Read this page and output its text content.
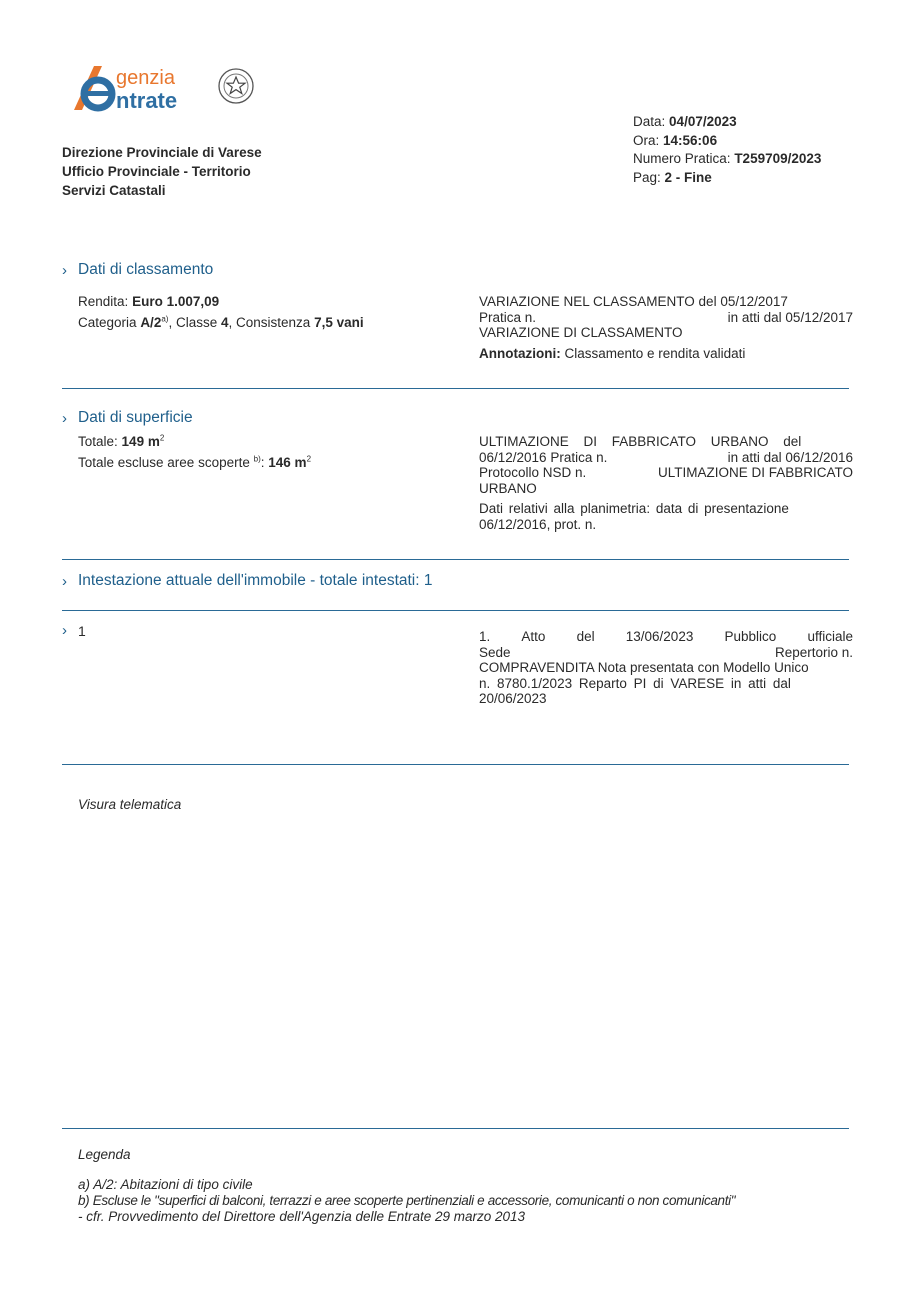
genzia
ntrate
Direzione Provinciale di Varese
Ufficio Provinciale - Territorio
Servizi Catastali
Data: 04/07/2023
Ora: 14:56:06
Numero Pratica: T259709/2023
Pag: 2 - Fine
› Dati di classamento
Rendita: Euro 1.007,09
Categoria A/2$^{a)}$, Classe 4, Consistenza 7,5 vani
VARIAZIONE NEL CLASSAMENTO del 05/12/2017
Pratica n.	in atti dal 05/12/2017
VARIAZIONE DI CLASSAMENTO
Annotazioni: Classamento e rendita validati
› Dati di superficie
Totale: 149 $m^2$
Totale escluse aree scoperte $^{b)}$: 146 $m^2$
ULTIMAZIONE DI FABBRICATO URBANO del
06/12/2016 Pratica n.	in atti dal 06/12/2016
Protocollo NSD n.	ULTIMAZIONE DI FABBRICATO
URBANO
Dati relativi alla planimetria: data di presentazione
06/12/2016, prot. n.
› Intestazione attuale dell'immobile - totale intestati: 1
› 1	1. Atto del 13/06/2023 Pubblico ufficiale
Sede	Repertorio n.
COMPRAVENDITA Nota presentata con Modello Unico
n. 8780.1/2023 Reparto PI di VARESE in atti dal
20/06/2023
Visura telematica
Legenda
a) A/2: Abitazioni di tipo civile
b) Escluse le "superfici di balconi, terrazzi e aree scoperte pertinenziali e accessorie, comunicanti o non comunicanti"
- cfr. Provvedimento del Direttore dell'Agenzia delle Entrate 29 marzo 2013
